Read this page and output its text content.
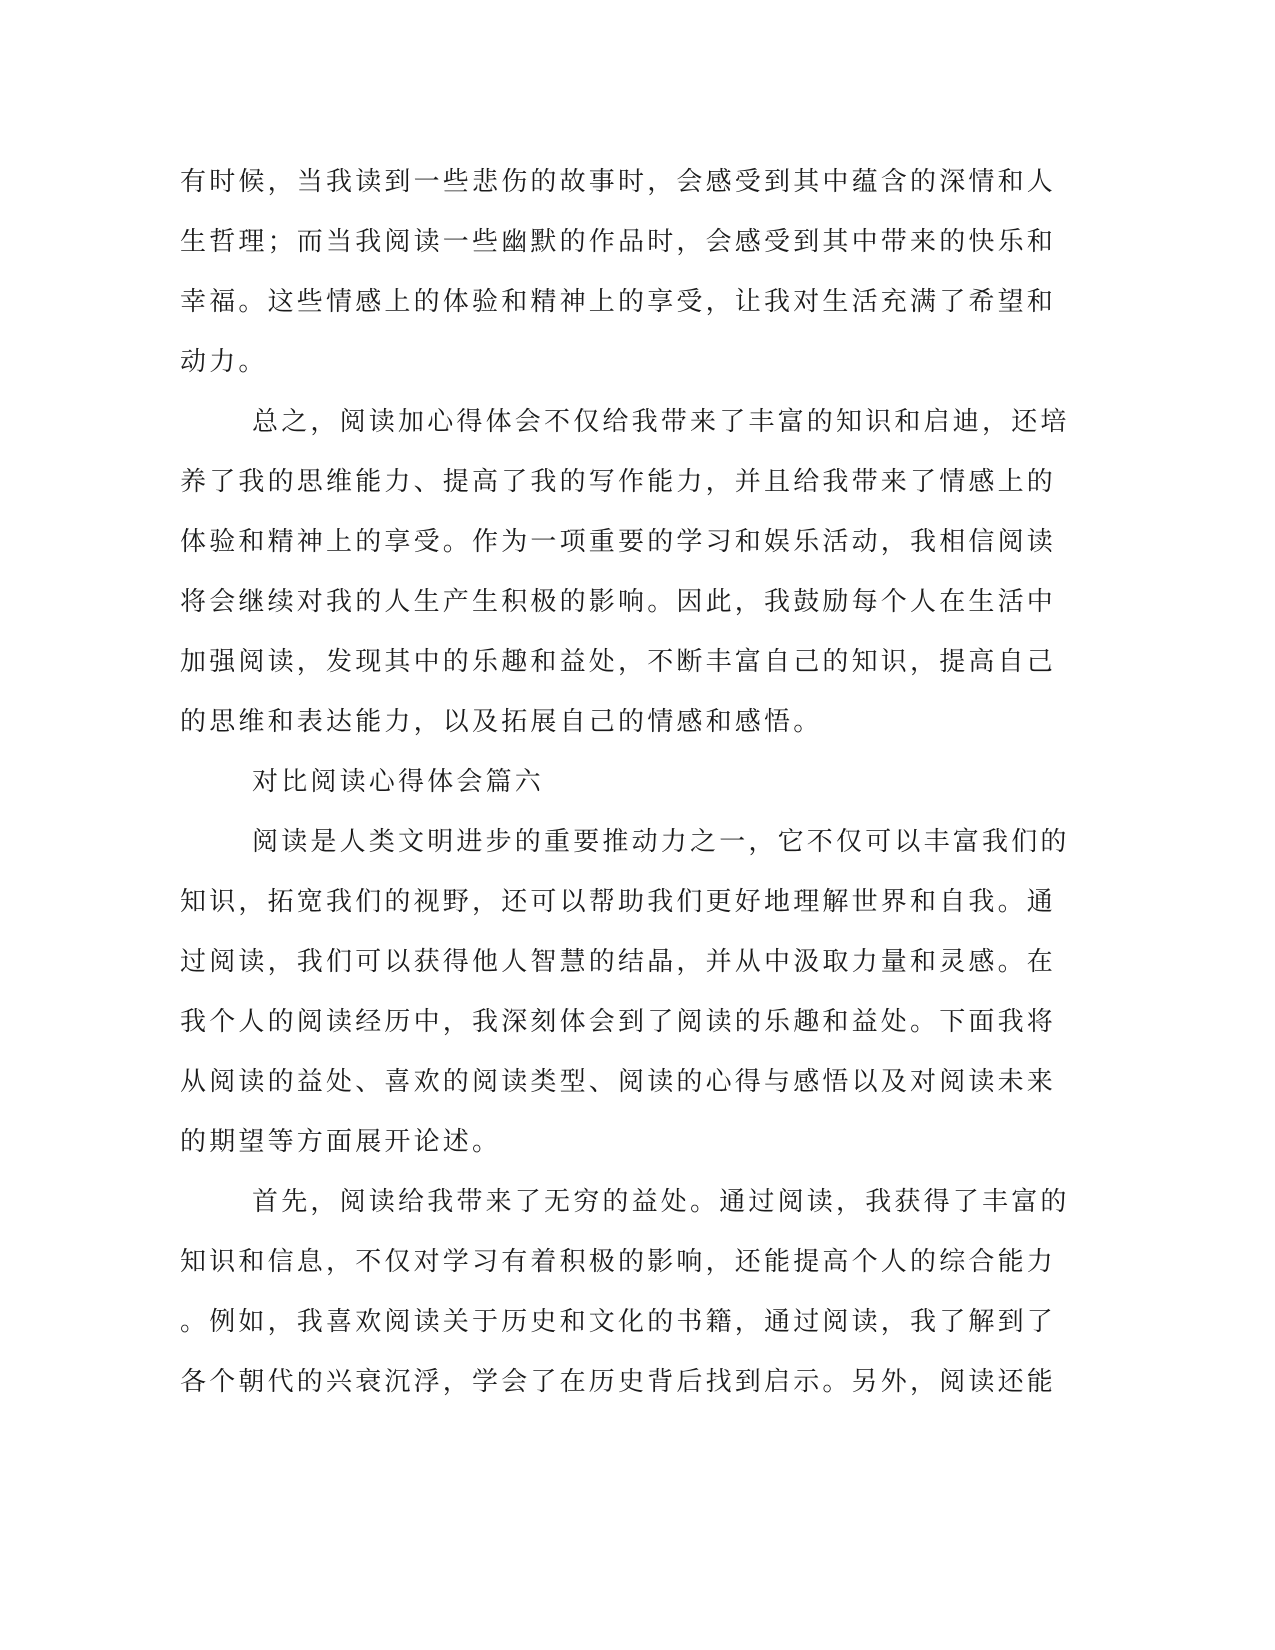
有时候，当我读到一些悲伤的故事时，会感受到其中蕴含的深情和人
生哲理；而当我阅读一些幽默的作品时，会感受到其中带来的快乐和
幸福。这些情感上的体验和精神上的享受，让我对生活充满了希望和
动力。
总之，阅读加心得体会不仅给我带来了丰富的知识和启迪，还培
养了我的思维能力、提高了我的写作能力，并且给我带来了情感上的
体验和精神上的享受。作为一项重要的学习和娱乐活动，我相信阅读
将会继续对我的人生产生积极的影响。因此，我鼓励每个人在生活中
加强阅读，发现其中的乐趣和益处，不断丰富自己的知识，提高自己
的思维和表达能力，以及拓展自己的情感和感悟。
对比阅读心得体会篇六
阅读是人类文明进步的重要推动力之一，它不仅可以丰富我们的
知识，拓宽我们的视野，还可以帮助我们更好地理解世界和自我。通
过阅读，我们可以获得他人智慧的结晶，并从中汲取力量和灵感。在
我个人的阅读经历中，我深刻体会到了阅读的乐趣和益处。下面我将
从阅读的益处、喜欢的阅读类型、阅读的心得与感悟以及对阅读未来
的期望等方面展开论述。
首先，阅读给我带来了无穷的益处。通过阅读，我获得了丰富的
知识和信息，不仅对学习有着积极的影响，还能提高个人的综合能力
。例如，我喜欢阅读关于历史和文化的书籍，通过阅读，我了解到了
各个朝代的兴衰沉浮，学会了在历史背后找到启示。另外，阅读还能
